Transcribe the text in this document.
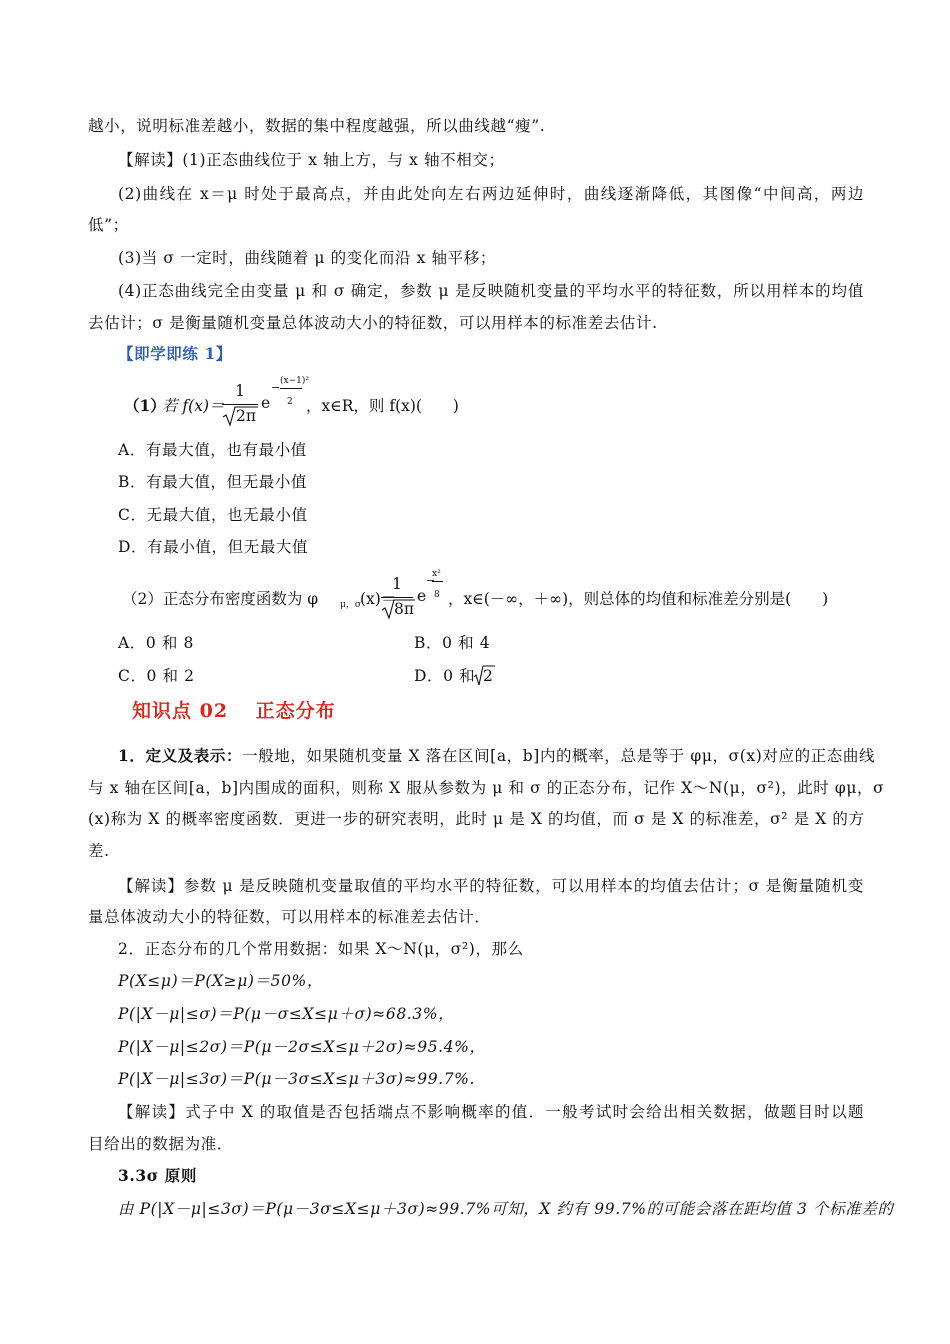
越小，说明标准差越小，数据的集中程度越强，所以曲线越“瘦”.
【解读】(1)正态曲线位于 x 轴上方，与 x 轴不相交；
(2)曲线在 x＝μ 时处于最高点，并由此处向左右两边延伸时，曲线逐渐降低，其图像“中间高，两边
低”；
(3)当 σ 一定时，曲线随着 μ 的变化而沿 x 轴平移；
(4)正态曲线完全由变量 μ 和 σ 确定，参数 μ 是反映随机变量的平均水平的特征数，所以用样本的均值
去估计；σ 是衡量随机变量总体波动大小的特征数，可以用样本的标准差去估计.
【即学即练 1】
（1）
若 f(x)＝
1
2π
e
− (x−1)²
2 ，x∈R，则 f(x)(　　)
A．有最大值，也有最小值
B．有最大值，但无最小值
C．无最大值，也无最小值
D．有最小值，但无最大值
（2）正态分布密度函数为 φ μ，σ (x)＝
1
8π
e
−
x²
8 ，x∈(－∞，＋∞)，则总体的均值和标准差分别是(　　)
A．0 和 8	B．0 和 4
C．0 和 2	D．0 和 2
知识点 02　 正态分布
1．定义及表示：一般地，如果随机变量 X 落在区间[a，b]内的概率，总是等于 φμ，σ(x)对应的正态曲线
与 x 轴在区间[a，b]内围成的面积，则称 X 服从参数为 μ 和 σ 的正态分布，记作 X～N(μ，σ²)，此时 φμ，σ
(x)称为 X 的概率密度函数．更进一步的研究表明，此时 μ 是 X 的均值，而 σ 是 X 的标准差，σ² 是 X 的方
差.
【解读】参数 μ 是反映随机变量取值的平均水平的特征数，可以用样本的均值去估计；σ 是衡量随机变
量总体波动大小的特征数，可以用样本的标准差去估计．
2．正态分布的几个常用数据：如果 X～N(μ，σ²)，那么
P(X≤μ)＝P(X≥μ)＝50%，
P(|X－μ|≤σ)＝P(μ－σ≤X≤μ＋σ)≈68.3%，
P(|X－μ|≤2σ)＝P(μ－2σ≤X≤μ＋2σ)≈95.4%，
P(|X－μ|≤3σ)＝P(μ－3σ≤X≤μ＋3σ)≈99.7%.
【解读】式子中 X 的取值是否包括端点不影响概率的值．一般考试时会给出相关数据，做题目时以题
目给出的数据为准．
3.3σ 原则
由 P(|X－μ|≤3σ)＝P(μ－3σ≤X≤μ＋3σ)≈99.7%可知，X 约有 99.7%的可能会落在距均值 3 个标准差的
